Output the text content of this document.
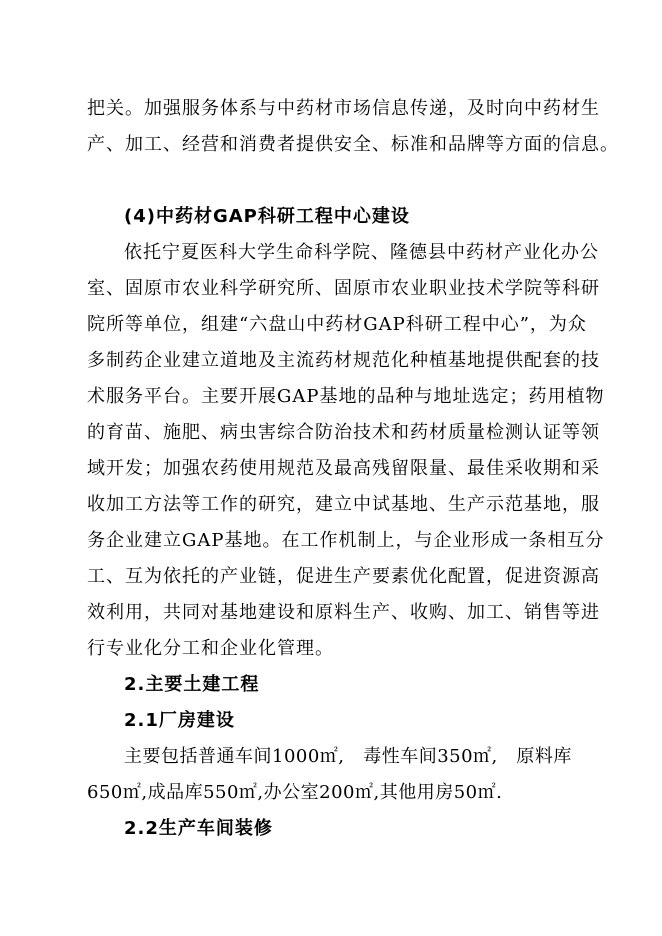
把关。加强服务体系与中药材市场信息传递，及时向中药材生
产、加工、经营和消费者提供安全、标准和品牌等方面的信息。
(4)中药材GAP科研工程中心建设
依托宁夏医科大学生命科学院、隆德县中药材产业化办公
室、固原市农业科学研究所、固原市农业职业技术学院等科研
院所等单位，组建“六盘山中药材GAP科研工程中心”，为众
多制药企业建立道地及主流药材规范化种植基地提供配套的技
术服务平台。主要开展GAP基地的品种与地址选定；药用植物
的育苗、施肥、病虫害综合防治技术和药材质量检测认证等领
域开发；加强农药使用规范及最高残留限量、最佳采收期和采
收加工方法等工作的研究，建立中试基地、生产示范基地，服
务企业建立GAP基地。在工作机制上，与企业形成一条相互分
工、互为依托的产业链，促进生产要素优化配置，促进资源高
效利用，共同对基地建设和原料生产、收购、加工、销售等进
行专业化分工和企业化管理。
2.主要土建工程
2.1厂房建设
主要包括普通车间1000㎡,   毒性车间350㎡,   原料库
650㎡,成品库550㎡,办公室200㎡,其他用房50㎡.
2.2生产车间装修
